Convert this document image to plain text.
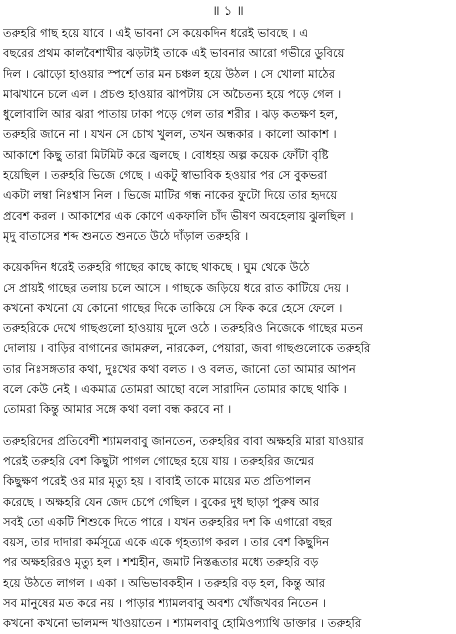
॥ ১ ॥
তরুহরি গাছ হয়ে যাবে । এই ভাবনা সে কয়েকদিন ধরেই ভাবছে । এ
বছরের প্রথম কালবৈশাখীর ঝড়টাই তাকে এই ভাবনার আরো গভীরে ডুবিয়ে
দিল । ঝোড়ো হাওয়ার স্পর্শে তার মন চঞ্চল হয়ে উঠল । সে খোলা মাঠের
মাঝখানে চলে এল । প্রচণ্ড হাওয়ার ঝাপটায় সে অচৈতন্য হয়ে পড়ে গেল ।
ধুলোবালি আর ঝরা পাতায় ঢাকা পড়ে গেল তার শরীর । ঝড় কতক্ষণ হল,
তরুহরি জানে না । যখন সে চোখ খুলল, তখন অন্ধকার । কালো আকাশ ।
আকাশে কিছু তারা মিটমিট করে জ্বলছে । বোধহয় অল্প কয়েক ফোঁটা বৃষ্টি
হয়েছিল । তরুহরি ভিজে গেছে । একটু স্বাভাবিক হওয়ার পর সে বুকভরা
একটা লম্বা নিঃশ্বাস নিল । ভিজে মাটির গন্ধ নাকের ফুটো দিয়ে তার হৃদয়ে
প্রবেশ করল । আকাশের এক কোণে একফালি চাঁদ ভীষণ অবহেলায় ঝুলছিল ।
মৃদু বাতাসের শব্দ শুনতে শুনতে উঠে দাঁড়াল তরুহরি ।
কয়েকদিন ধরেই তরুহরি গাছের কাছে কাছে থাকছে । ঘুম থেকে উঠে
সে প্রায়ই গাছের তলায় চলে আসে । গাছকে জড়িয়ে ধরে রাত কাটিয়ে দেয় ।
কখনো কখনো যে কোনো গাছের দিকে তাকিয়ে সে ফিক করে হেসে ফেলে ।
তরুহরিকে দেখে গাছগুলো হাওয়ায় দুলে ওঠে । তরুহরিও নিজেকে গাছের মতন
দোলায় । বাড়ির বাগানের জামরুল, নারকেল, পেয়ারা, জবা গাছগুলোকে তরুহরি
তার নিঃসঙ্গতার কথা, দুঃখের কথা বলত । ও বলত, জানো তো আমার আপন
বলে কেউ নেই । একমাত্র তোমরা আছো বলে সারাদিন তোমার কাছে থাকি ।
তোমরা কিন্তু আমার সঙ্গে কথা বলা বন্ধ করবে না ।
তরুহরিদের প্রতিবেশী শ্যামলবাবু জানতেন, তরুহরির বাবা অক্ষহরি মারা যাওয়ার
পরেই তরুহরি বেশ কিছুটা পাগল গোছের হয়ে যায় । তরুহরির জন্মের
কিছুক্ষণ পরেই ওর মার মৃত্যু হয় । বাবাই তাকে মায়ের মত প্রতিপালন
করেছে । অক্ষহরি যেন জেদ চেপে গেছিল । বুকের দুধ ছাড়া পুরুষ আর
সবই তো একটি শিশুকে দিতে পারে । যখন তরুহরির দশ কি এগারো বছর
বয়স, তার দাদারা কর্মসূত্রে একে একে গৃহত্যাগ করল । তার বেশ কিছুদিন
পর অক্ষহরিরও মৃত্যু হল । শশ্মহীন, জমাট নিস্তব্ধতার মধ্যে তরুহরি বড়
হয়ে উঠতে লাগল । একা । অভিভাবকহীন । তরুহরি বড় হল, কিন্তু আর
সব মানুষের মত করে নয় । পাড়ার শ্যামলবাবু অবশ্য খোঁজখবর নিতেন ।
কখনো কখনো ভালমন্দ খাওয়াতেন । শ্যামলবাবু হোমিওপ্যাথি ডাক্তার । তরুহরি
